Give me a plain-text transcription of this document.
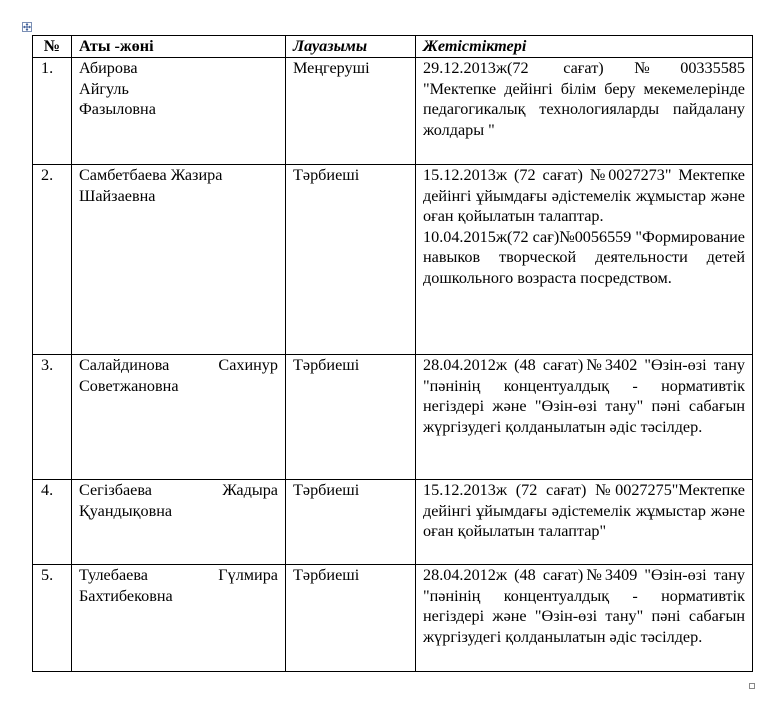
№	Аты -жөні	Лауазымы	Жетістіктері
1.	Абирова
Айгуль
Фазыловна	Меңгеруші	29.12.2013ж(72 сағат)№00335585
"Мектепке дейінгі білім беру мекемелерінде педагогикалық технологияларды пайдалану жолдары "

2.	Самбетбаева Жазира
Шайзаевна	Тәрбиеші	15.12.2013ж (72 сағат) №0027273" Мектепке дейінгі ұйымдағы әдістемелік жұмыстар және оған қойылатын талаптар.
10.04.2015ж(72 сағ)№0056559 "Формирование навыков творческой деятельности детей дошкольного возраста посредством.

3.	Салайдинова Сахинур
Советжановна	Тәрбиеші	28.04.2012ж (48 сағат)№3402 "Өзін-өзі тану "пәнінің концентуалдық - нормативтік негіздері және "Өзін-өзі тану" пәні сабағын жүргізудегі қолданылатын әдіс тәсілдер.

4.	Сегізбаева Жадыра
Қуандықовна	Тәрбиеші	15.12.2013ж (72 сағат) №0027275"Мектепке дейінгі ұйымдағы әдістемелік жұмыстар және оған қойылатын талаптар"

5.	Тулебаева Гүлмира
Бахтибековна	Тәрбиеші	28.04.2012ж (48 сағат)№3409 "Өзін-өзі тану "пәнінің концентуалдық - нормативтік негіздері және "Өзін-өзі тану" пәні сабағын жүргізудегі қолданылатын әдіс тәсілдер.
